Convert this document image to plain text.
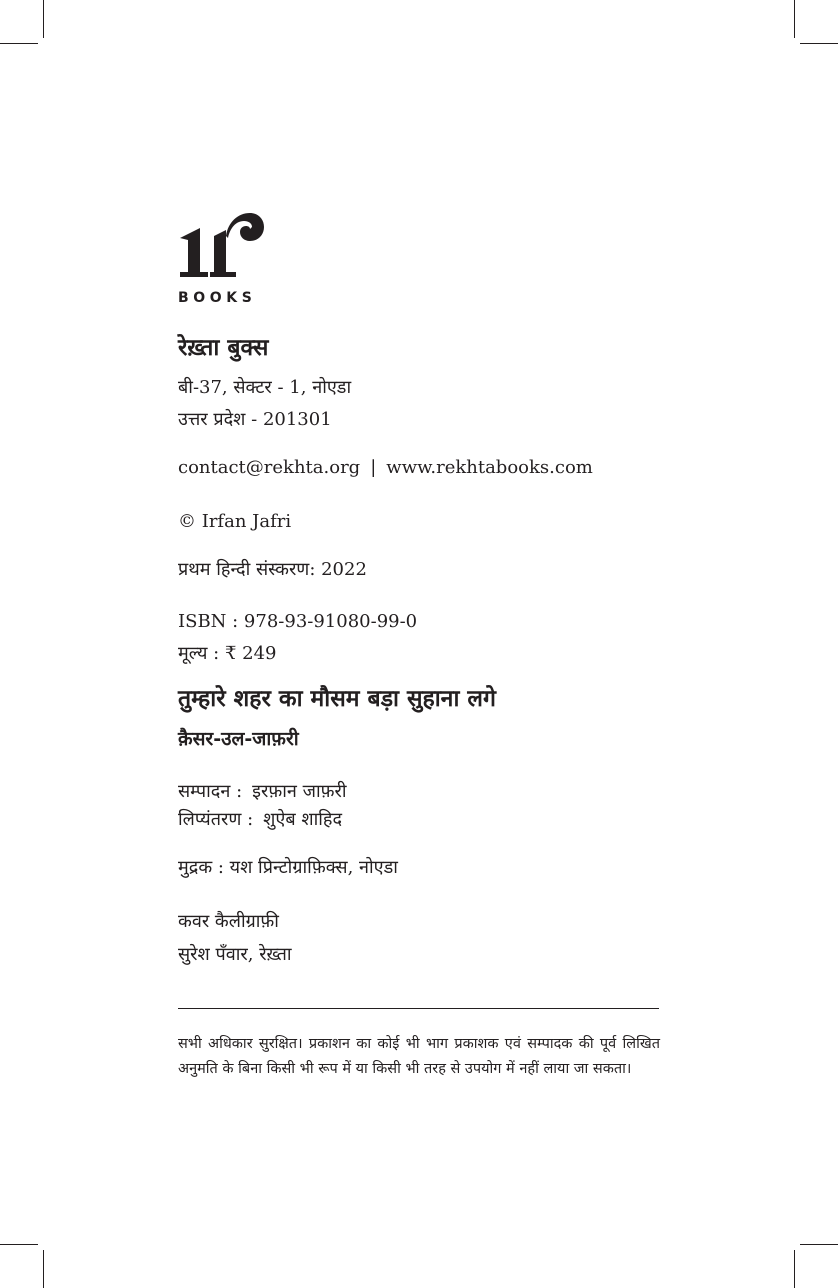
BOOKS
रेख़्ता बुक्स
बी-37, सेक्टर - 1, नोएडा
उत्तर प्रदेश - 201301
contact@rekhta.org | www.rekhtabooks.com
© Irfan Jafri
प्रथम हिन्दी संस्करण: 2022
ISBN : 978-93-91080-99-0
मूल्य : ₹ 249
तुम्हारे शहर का मौसम बड़ा सुहाना लगे
क़ैसर-उल-जाफ़री
सम्पादन : इरफ़ान जाफ़री
लिप्यंतरण : शुऐब शाहिद
मुद्रक : यश प्रिन्टोग्राफ़िक्स, नोएडा
कवर कैलीग्राफ़ी
सुरेश पँवार, रेख़्ता
सभी अधिकार सुरक्षित। प्रकाशन का कोई भी भाग प्रकाशक एवं सम्पादक की पूर्व लिखित अनुमति के बिना किसी भी रूप में या किसी भी तरह से उपयोग में नहीं लाया जा सकता।
